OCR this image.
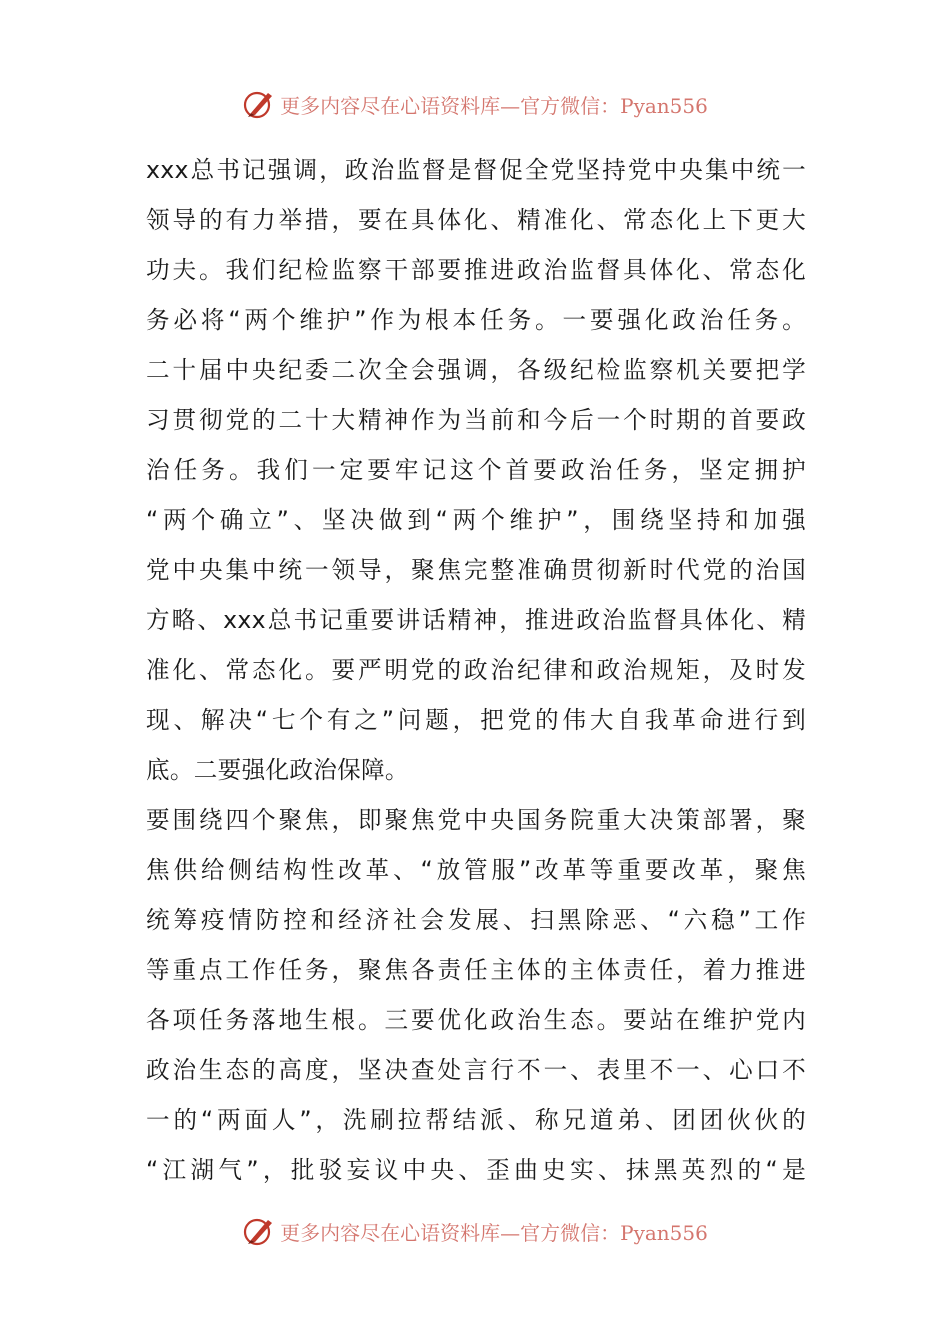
更多内容尽在心语资料库—官方微信：Pyan556

xxx总书记强调，政治监督是督促全党坚持党中央集中统一

领导的有力举措，要在具体化、精准化、常态化上下更大

功夫。我们纪检监察干部要推进政治监督具体化、常态化

务必将“两个维护”作为根本任务。一要强化政治任务。

二十届中央纪委二次全会强调，各级纪检监察机关要把学

习贯彻党的二十大精神作为当前和今后一个时期的首要政

治任务。我们一定要牢记这个首要政治任务，坚定拥护

“两个确立”、坚决做到“两个维护”，围绕坚持和加强

党中央集中统一领导，聚焦完整准确贯彻新时代党的治国

方略、xxx总书记重要讲话精神，推进政治监督具体化、精

准化、常态化。要严明党的政治纪律和政治规矩，及时发

现、解决“七个有之”问题，把党的伟大自我革命进行到

底。二要强化政治保障。

要围绕四个聚焦，即聚焦党中央国务院重大决策部署，聚

焦供给侧结构性改革、“放管服”改革等重要改革，聚焦

统筹疫情防控和经济社会发展、扫黑除恶、“六稳”工作

等重点工作任务，聚焦各责任主体的主体责任，着力推进

各项任务落地生根。三要优化政治生态。要站在维护党内

政治生态的高度，坚决查处言行不一、表里不一、心口不

一的“两面人”，洗刷拉帮结派、称兄道弟、团团伙伙的

“江湖气”，批驳妄议中央、歪曲史实、抹黑英烈的“是

更多内容尽在心语资料库—官方微信：Pyan556
